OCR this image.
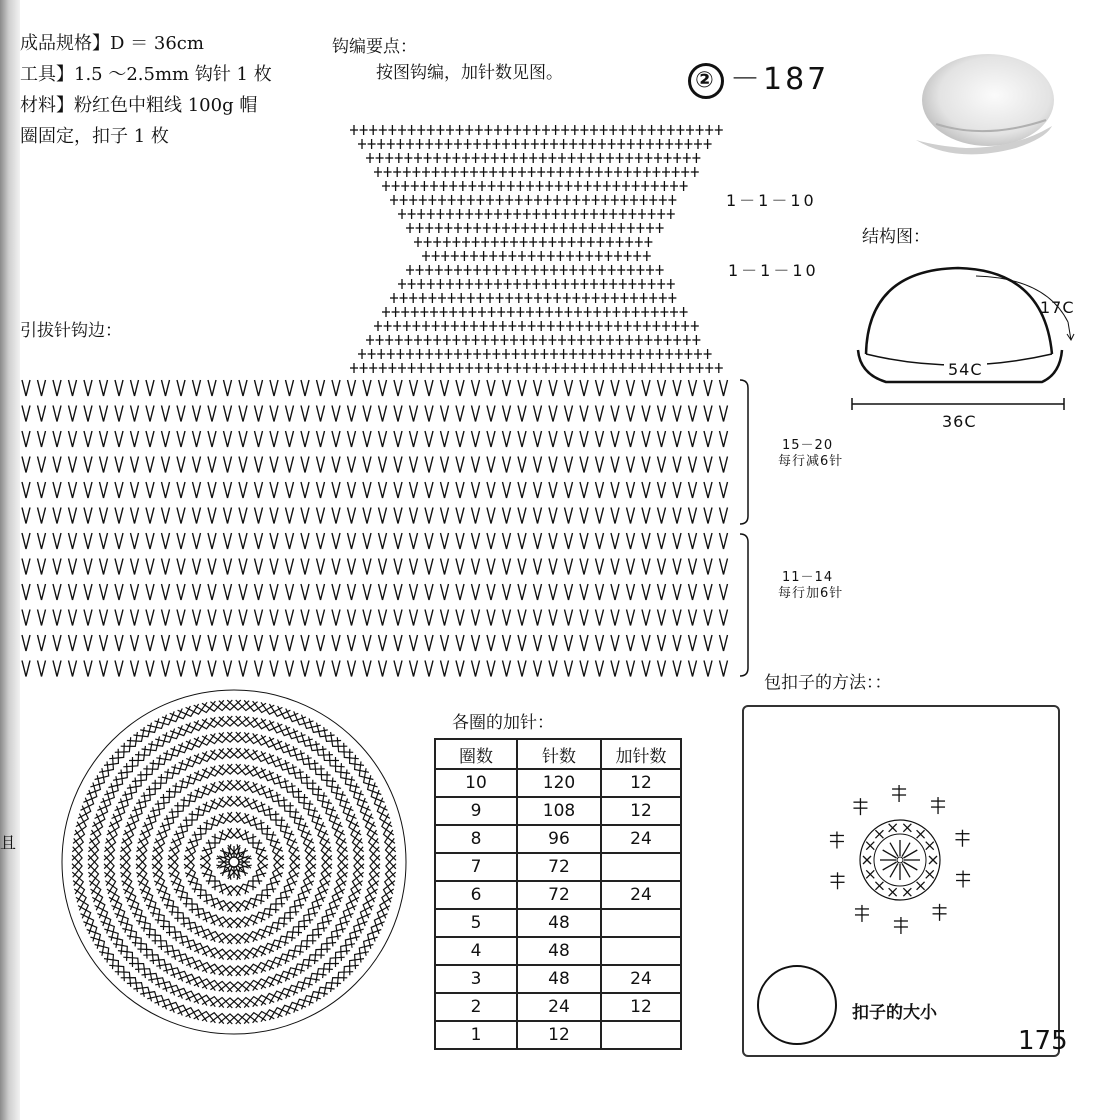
且
成品规格】D ＝ 36cm
工具】1.5 ～2.5mm 钩针 1 枚
材料】粉红色中粗线 100g 帽
圈固定，扣子 1 枚
钩编要点：
按图钩编，加针数见图。	② －187
1－1－10
1－1－10
结构图：
17C
54C
36C
引拔针钩边：
15－20
每行减6针
11－14
每行加6针
各圈的加针：
圈数	针数	加针数
10	120	12
9	108	12
8	96	24
7	72	
6	72	24
5	48	
4	48	
3	48	24
2	24	12
1	12	
包扣子的方法：：
扣子的大小
175
